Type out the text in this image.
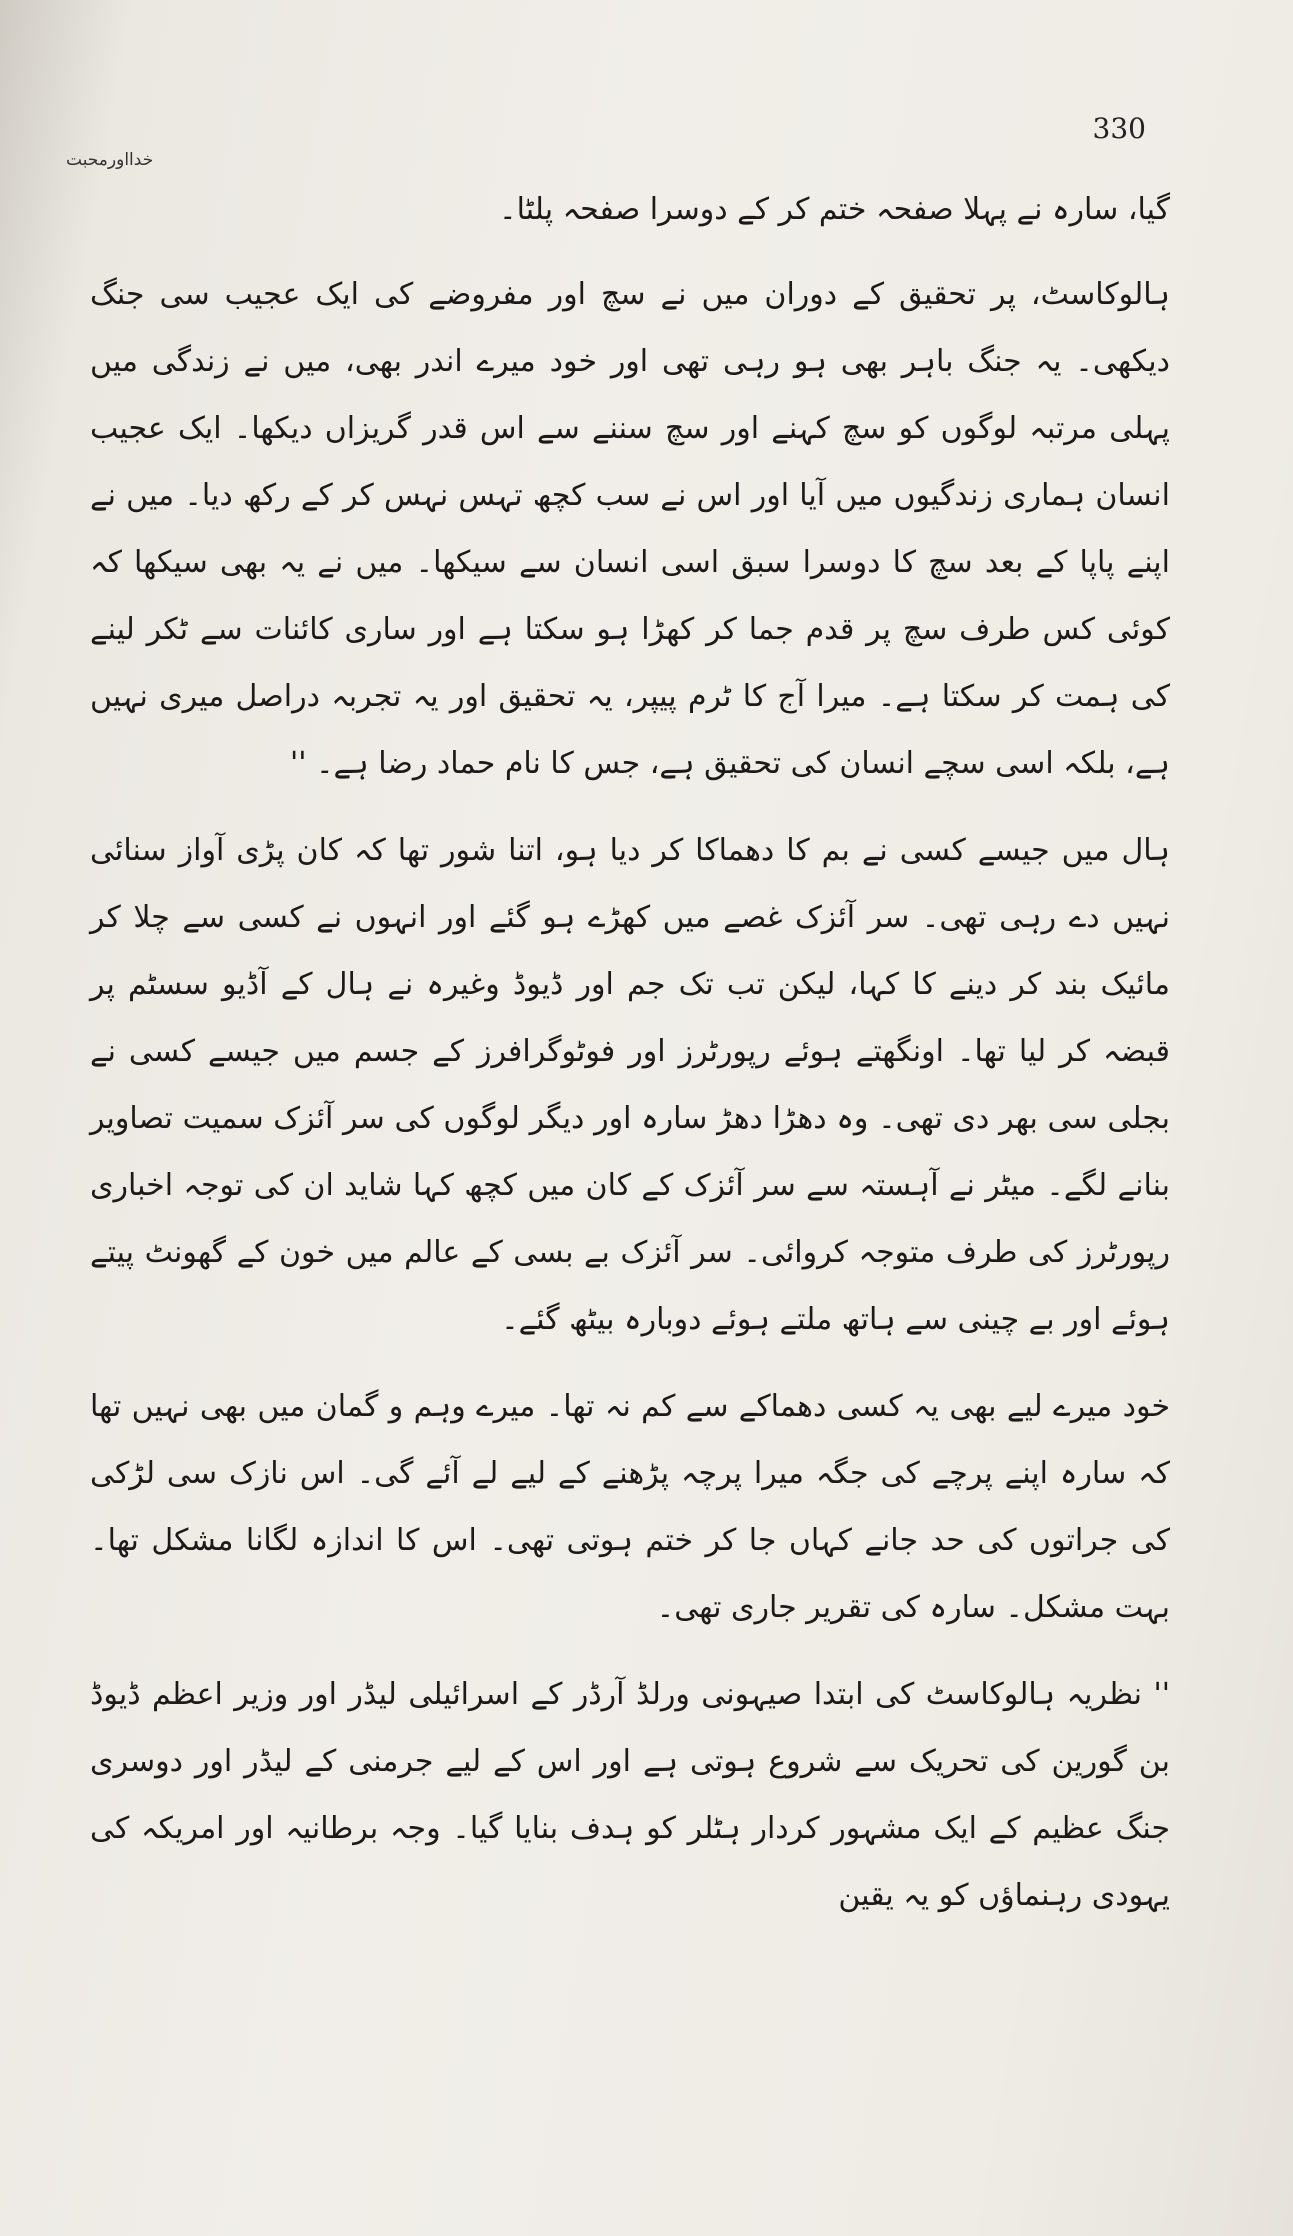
خدااورمحبت
330

گیا، سارہ نے پہلا صفحہ ختم کر کے دوسرا صفحہ پلٹا۔

ہالوکاسٹ، پر تحقیق کے دوران میں نے سچ اور مفروضے کی ایک عجیب سی جنگ دیکھی۔ یہ جنگ باہر بھی ہو رہی تھی اور خود میرے اندر بھی، میں نے زندگی میں پہلی مرتبہ لوگوں کو سچ کہنے اور سچ سننے سے اس قدر گریزاں دیکھا۔ ایک عجیب انسان ہماری زندگیوں میں آیا اور اس نے سب کچھ تہس نہس کر کے رکھ دیا۔ میں نے اپنے پاپا کے بعد سچ کا دوسرا سبق اسی انسان سے سیکھا۔ میں نے یہ بھی سیکھا کہ کوئی کس طرف سچ پر قدم جما کر کھڑا ہو سکتا ہے اور ساری کائنات سے ٹکر لینے کی ہمت کر سکتا ہے۔ میرا آج کا ٹرم پیپر، یہ تحقیق اور یہ تجربہ دراصل میری نہیں ہے، بلکہ اسی سچے انسان کی تحقیق ہے، جس کا نام حماد رضا ہے۔ ''

ہال میں جیسے کسی نے بم کا دھماکا کر دیا ہو، اتنا شور تھا کہ کان پڑی آواز سنائی نہیں دے رہی تھی۔ سر آئزک غصے میں کھڑے ہو گئے اور انہوں نے کسی سے چلا کر مائیک بند کر دینے کا کہا، لیکن تب تک جم اور ڈیوڈ وغیرہ نے ہال کے آڈیو سسٹم پر قبضہ کر لیا تھا۔ اونگھتے ہوئے رپورٹرز اور فوٹوگرافرز کے جسم میں جیسے کسی نے بجلی سی بھر دی تھی۔ وہ دھڑا دھڑ سارہ اور دیگر لوگوں کی سر آئزک سمیت تصاویر بنانے لگے۔ میٹر نے آہستہ سے سر آئزک کے کان میں کچھ کہا شاید ان کی توجہ اخباری رپورٹرز کی طرف متوجہ کروائی۔ سر آئزک بے بسی کے عالم میں خون کے گھونٹ پیتے ہوئے اور بے چینی سے ہاتھ ملتے ہوئے دوبارہ بیٹھ گئے۔

خود میرے لیے بھی یہ کسی دھماکے سے کم نہ تھا۔ میرے وہم و گمان میں بھی نہیں تھا کہ سارہ اپنے پرچے کی جگہ میرا پرچہ پڑھنے کے لیے لے آئے گی۔ اس نازک سی لڑکی کی جراتوں کی حد جانے کہاں جا کر ختم ہوتی تھی۔ اس کا اندازہ لگانا مشکل تھا۔ بہت مشکل۔ سارہ کی تقریر جاری تھی۔

'' نظریہ ہالوکاسٹ کی ابتدا صیہونی ورلڈ آرڈر کے اسرائیلی لیڈر اور وزیر اعظم ڈیوڈ بن گورین کی تحریک سے شروع ہوتی ہے اور اس کے لیے جرمنی کے لیڈر اور دوسری جنگ عظیم کے ایک مشہور کردار ہٹلر کو ہدف بنایا گیا۔ وجہ برطانیہ اور امریکہ کی یہودی رہنماؤں کو یہ یقین
